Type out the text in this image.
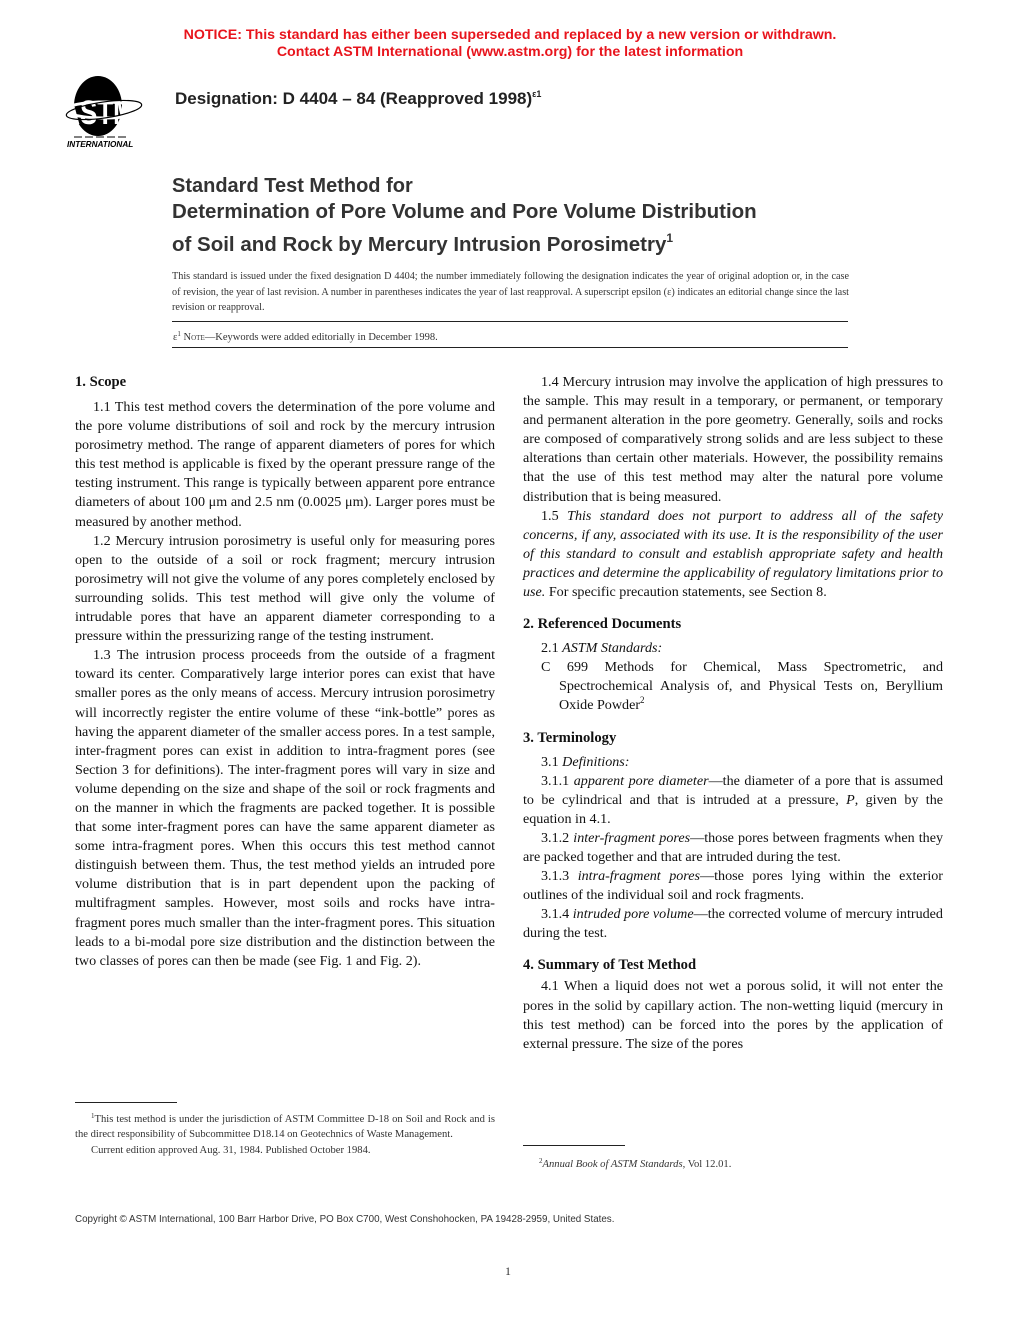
NOTICE: This standard has either been superseded and replaced by a new version or withdrawn.
Contact ASTM International (www.astm.org) for the latest information
ASTM
INTERNATIONAL
Designation: D 4404 – 84 (Reapproved 1998)$^{\varepsilon 1}$
Standard Test Method for
Determination of Pore Volume and Pore Volume Distribution
of Soil and Rock by Mercury Intrusion Porosimetry$^1$
This standard is issued under the fixed designation D 4404; the number immediately following the designation indicates the year of original adoption or, in the case of revision, the year of last revision. A number in parentheses indicates the year of last reapproval. A superscript epsilon (ε) indicates an editorial change since the last revision or reapproval.
$\varepsilon^1$ Note—Keywords were added editorially in December 1998.
1. Scope

1.1 This test method covers the determination of the pore volume and the pore volume distributions of soil and rock by the mercury intrusion porosimetry method. The range of apparent diameters of pores for which this test method is applicable is fixed by the operant pressure range of the testing instrument. This range is typically between apparent pore entrance diameters of about 100 μm and 2.5 nm (0.0025 μm). Larger pores must be measured by another method.

1.2 Mercury intrusion porosimetry is useful only for measuring pores open to the outside of a soil or rock fragment; mercury intrusion porosimetry will not give the volume of any pores completely enclosed by surrounding solids. This test method will give only the volume of intrudable pores that have an apparent diameter corresponding to a pressure within the pressurizing range of the testing instrument.

1.3 The intrusion process proceeds from the outside of a fragment toward its center. Comparatively large interior pores can exist that have smaller pores as the only means of access. Mercury intrusion porosimetry will incorrectly register the entire volume of these “ink-bottle” pores as having the apparent diameter of the smaller access pores. In a test sample, inter-fragment pores can exist in addition to intra-fragment pores (see Section 3 for definitions). The inter-fragment pores will vary in size and volume depending on the size and shape of the soil or rock fragments and on the manner in which the fragments are packed together. It is possible that some inter-fragment pores can have the same apparent diameter as some intra-fragment pores. When this occurs this test method cannot distinguish between them. Thus, the test method yields an intruded pore volume distribution that is in part dependent upon the packing of multifragment samples. However, most soils and rocks have intra-fragment pores much smaller than the inter-fragment pores. This situation leads to a bi-modal pore size distribution and the distinction between the two classes of pores can then be made (see Fig. 1 and Fig. 2).

1.4 Mercury intrusion may involve the application of high pressures to the sample. This may result in a temporary, or permanent, or temporary and permanent alteration in the pore geometry. Generally, soils and rocks are composed of comparatively strong solids and are less subject to these alterations than certain other materials. However, the possibility remains that the use of this test method may alter the natural pore volume distribution that is being measured.

1.5 This standard does not purport to address all of the safety concerns, if any, associated with its use. It is the responsibility of the user of this standard to consult and establish appropriate safety and health practices and determine the applicability of regulatory limitations prior to use. For specific precaution statements, see Section 8.

2. Referenced Documents

2.1 ASTM Standards:

C 699 Methods for Chemical, Mass Spectrometric, and Spectrochemical Analysis of, and Physical Tests on, Beryllium Oxide Powder$^2$
3. Terminology

3.1 Definitions:

3.1.1 apparent pore diameter—the diameter of a pore that is assumed to be cylindrical and that is intruded at a pressure, P, given by the equation in 4.1.

3.1.2 inter-fragment pores—those pores between fragments when they are packed together and that are intruded during the test.

3.1.3 intra-fragment pores—those pores lying within the exterior outlines of the individual soil and rock fragments.

3.1.4 intruded pore volume—the corrected volume of mercury intruded during the test.

4. Summary of Test Method

4.1 When a liquid does not wet a porous solid, it will not enter the pores in the solid by capillary action. The non-wetting liquid (mercury in this test method) can be forced into the pores by the application of external pressure. The size of the pores

$^1$This test method is under the jurisdiction of ASTM Committee D-18 on Soil and Rock and is the direct responsibility of Subcommittee D18.14 on Geotechnics of Waste Management.

Current edition approved Aug. 31, 1984. Published October 1984.

$^2$Annual Book of ASTM Standards, Vol 12.01.

Copyright © ASTM International, 100 Barr Harbor Drive, PO Box C700, West Conshohocken, PA 19428-2959, United States.
1
